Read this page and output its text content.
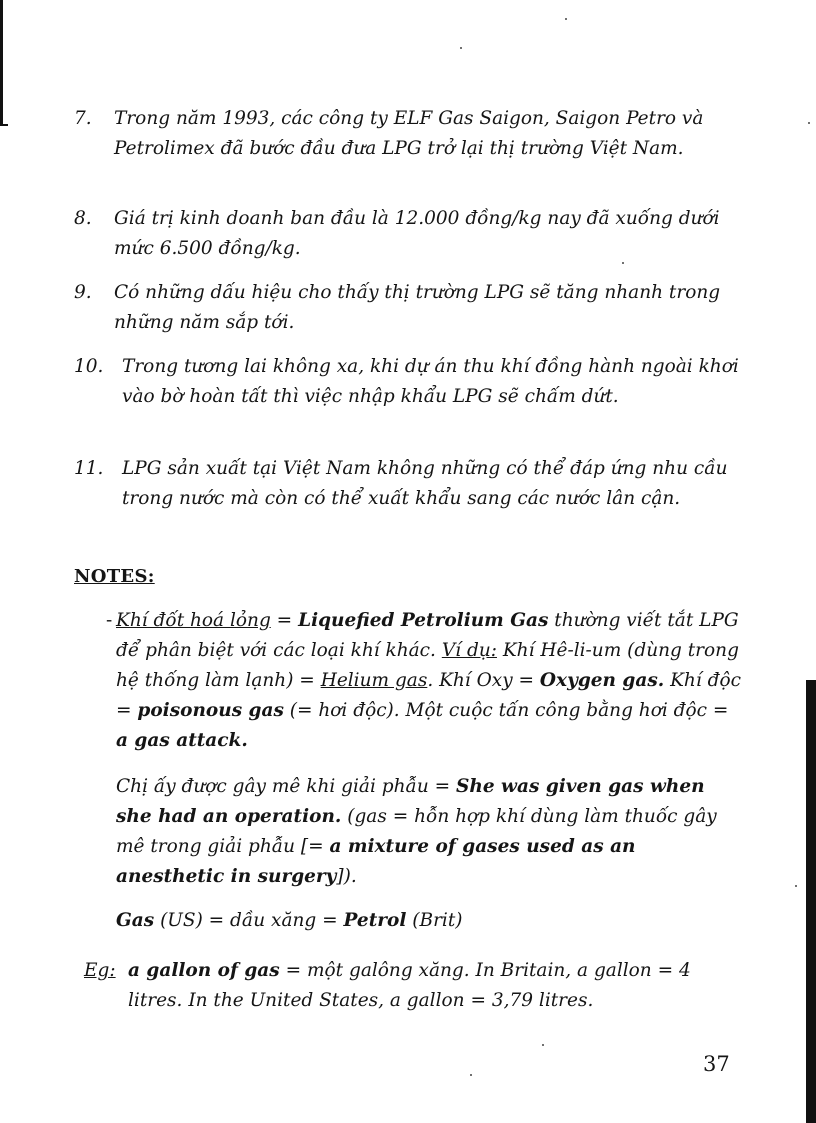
7. Trong năm 1993, các công ty ELF Gas Saigon, Saigon Petro và Petrolimex đã bước đầu đưa LPG trở lại thị trường Việt Nam.
8. Giá trị kinh doanh ban đầu là 12.000 đồng/kg nay đã xuống dưới mức 6.500 đồng/kg.
9. Có những dấu hiệu cho thấy thị trường LPG sẽ tăng nhanh trong những năm sắp tới.
10. Trong tương lai không xa, khi dự án thu khí đồng hành ngoài khơi vào bờ hoàn tất thì việc nhập khẩu LPG sẽ chấm dứt.
11. LPG sản xuất tại Việt Nam không những có thể đáp ứng nhu cầu trong nước mà còn có thể xuất khẩu sang các nước lân cận.
NOTES:
- Khí đốt hoá lỏng = Liquefied Petrolium Gas thường viết tắt LPG để phân biệt với các loại khí khác. Ví dụ: Khí Hê-li-um (dùng trong hệ thống làm lạnh) = Helium gas. Khí Oxy = Oxygen gas. Khí độc = poisonous gas (= hơi độc). Một cuộc tấn công bằng hơi độc = a gas attack.
Chị ấy được gây mê khi giải phẫu = She was given gas when she had an operation. (gas = hỗn hợp khí dùng làm thuốc gây mê trong giải phẫu [= a mixture of gases used as an anesthetic in surgery]).
Gas (US) = dầu xăng = Petrol (Brit)
Eg: a gallon of gas = một galông xăng. In Britain, a gallon = 4 litres. In the United States, a gallon = 3,79 litres.
37
